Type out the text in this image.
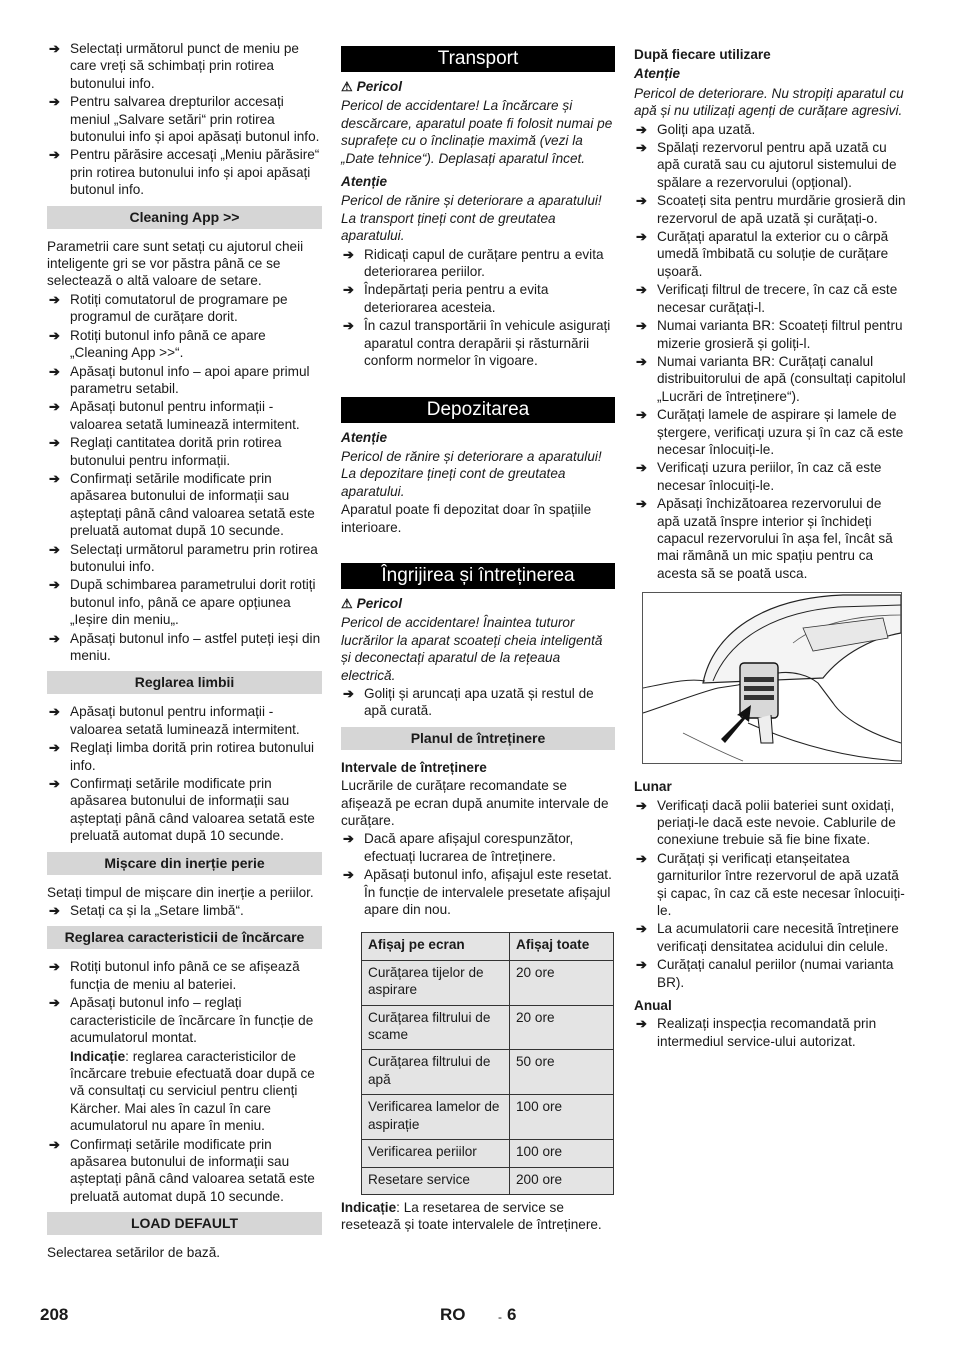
➔ Selectați următorul punct de meniu pe care vreți să schimbați prin rotirea butonului info.
➔ Pentru salvarea drepturilor accesați meniul „Salvare setări“ prin rotirea butonului info și apoi apăsați butonul info.
➔ Pentru părăsire accesați „Meniu părăsire“ prin rotirea butonului info și apoi apăsați butonul info.
Cleaning App >>
Parametrii care sunt setați cu ajutorul cheii inteligente gri se vor păstra până ce se selectează o altă valoare de setare.
➔ Rotiți comutatorul de programare pe programul de curățare dorit.
➔ Rotiți butonul info până ce apare „Cleaning App >>“.
➔ Apăsați butonul info – apoi apare primul parametru setabil.
➔ Apăsați butonul pentru informații - valoarea setată luminează intermitent.
➔ Reglați cantitatea dorită prin rotirea butonului pentru informații.
➔ Confirmați setările modificate prin apăsarea butonului de informații sau așteptați până când valoarea setată este preluată automat după 10 secunde.
➔ Selectați următorul parametru prin rotirea butonului info.
➔ După schimbarea parametrului dorit rotiți butonul info, până ce apare opțiunea „Ieșire din meniu„.
➔ Apăsați butonul info – astfel puteți ieși din meniu.
Reglarea limbii
➔ Apăsați butonul pentru informații - valoarea setată luminează intermitent.
➔ Reglați limba dorită prin rotirea butonului info.
➔ Confirmați setările modificate prin apăsarea butonului de informații sau așteptați până când valoarea setată este preluată automat după 10 secunde.
Mișcare din inerție perie
Setați timpul de mișcare din inerție a periilor.
➔ Setați ca și la „Setare limbă“.
Reglarea caracteristicii de încărcare
➔ Rotiți butonul info până ce se afișează funcția de meniu al bateriei.
➔ Apăsați butonul info – reglați caracteristicile de încărcare în funcție de acumulatorul montat.
Indicație: reglarea caracteristicilor de încărcare trebuie efectuată doar după ce vă consultați cu serviciul pentru clienți Kärcher. Mai ales în cazul în care acumulatorul nu apare în meniu.
➔ Confirmați setările modificate prin apăsarea butonului de informații sau așteptați până când valoarea setată este preluată automat după 10 secunde.
LOAD DEFAULT
Selectarea setărilor de bază.
Transport
⚠ Pericol
Pericol de accidentare! La încărcare și descărcare, aparatul poate fi folosit numai pe suprafețe cu o înclinație maximă (vezi la „Date tehnice“). Deplasați aparatul încet.
Atenție
Pericol de rănire și deteriorare a aparatului! La transport țineți cont de greutatea aparatului.
➔ Ridicați capul de curățare pentru a evita deteriorarea periilor.
➔ Îndepărtați peria pentru a evita deteriorarea acesteia.
➔ În cazul transportării în vehicule asigurați aparatul contra derapării și răsturnării conform normelor în vigoare.
Depozitarea
Atenție
Pericol de rănire și deteriorare a aparatului! La depozitare țineți cont de greutatea aparatului.
Aparatul poate fi depozitat doar în spațiile interioare.
Îngrijirea și întreținerea
⚠ Pericol
Pericol de accidentare! Înaintea tuturor lucrărilor la aparat scoateți cheia inteligentă și deconectați aparatul de la rețeaua electrică.
➔ Goliți și aruncați apa uzată și restul de apă curată.
Planul de întreținere
Intervale de întreținere
Lucrările de curățare recomandate se afișează pe ecran după anumite intervale de curățare.
➔ Dacă apare afișajul corespunzător, efectuați lucrarea de întreținere.
➔ Apăsați butonul info, afișajul este resetat. În funcție de intervalele presetate afișajul apare din nou.
Afișaj pe ecran	Afișaj toate
Curățarea tijelor de aspirare	20 ore
Curățarea filtrului de scame	20 ore
Curățarea filtrului de apă	50 ore
Verificarea lamelor de aspirație	100 ore
Verificarea periilor	100 ore
Resetare service	200 ore
Indicație: La resetarea de service se resetează și toate intervalele de întreținere.
După fiecare utilizare
Atenție
Pericol de deteriorare. Nu stropiți aparatul cu apă și nu utilizați agenți de curățare agresivi.
➔ Goliți apa uzată.
➔ Spălați rezervorul pentru apă uzată cu apă curată sau cu ajutorul sistemului de spălare a rezervorului (opțional).
➔ Scoateți sita pentru murdărie grosieră din rezervorul de apă uzată și curățați-o.
➔ Curățați aparatul la exterior cu o cârpă umedă îmbibată cu soluție de curățare ușoară.
➔ Verificați filtrul de trecere, în caz că este necesar curățați-l.
➔ Numai varianta BR: Scoateți filtrul pentru mizerie grosieră și goliți-l.
➔ Numai varianta BR: Curățați canalul distribuitorului de apă (consultați capitolul „Lucrări de întreținere“).
➔ Curățați lamele de aspirare și lamele de ștergere, verificați uzura și în caz că este necesar înlocuiți-le.
➔ Verificați uzura periilor, în caz că este necesar înlocuiți-le.
➔ Apăsați închizătoarea rezervorului de apă uzată înspre interior și închideți capacul rezervorului în așa fel, încât să mai rămână un mic spațiu pentru ca acesta să se poată usca.
Lunar
➔ Verificați dacă polii bateriei sunt oxidați, periați-le dacă este nevoie. Cablurile de conexiune trebuie să fie bine fixate.
➔ Curățați și verificați etanșeitatea garniturilor între rezervorul de apă uzată și capac, în caz că este necesar înlocuiți-le.
➔ La acumulatorii care necesită întreținere verificați densitatea acidului din celule.
➔ Curățați canalul periilor (numai varianta BR).
Anual
➔ Realizați inspecția recomandată prin intermediul service-ului autorizat.
208	RO	- 6
